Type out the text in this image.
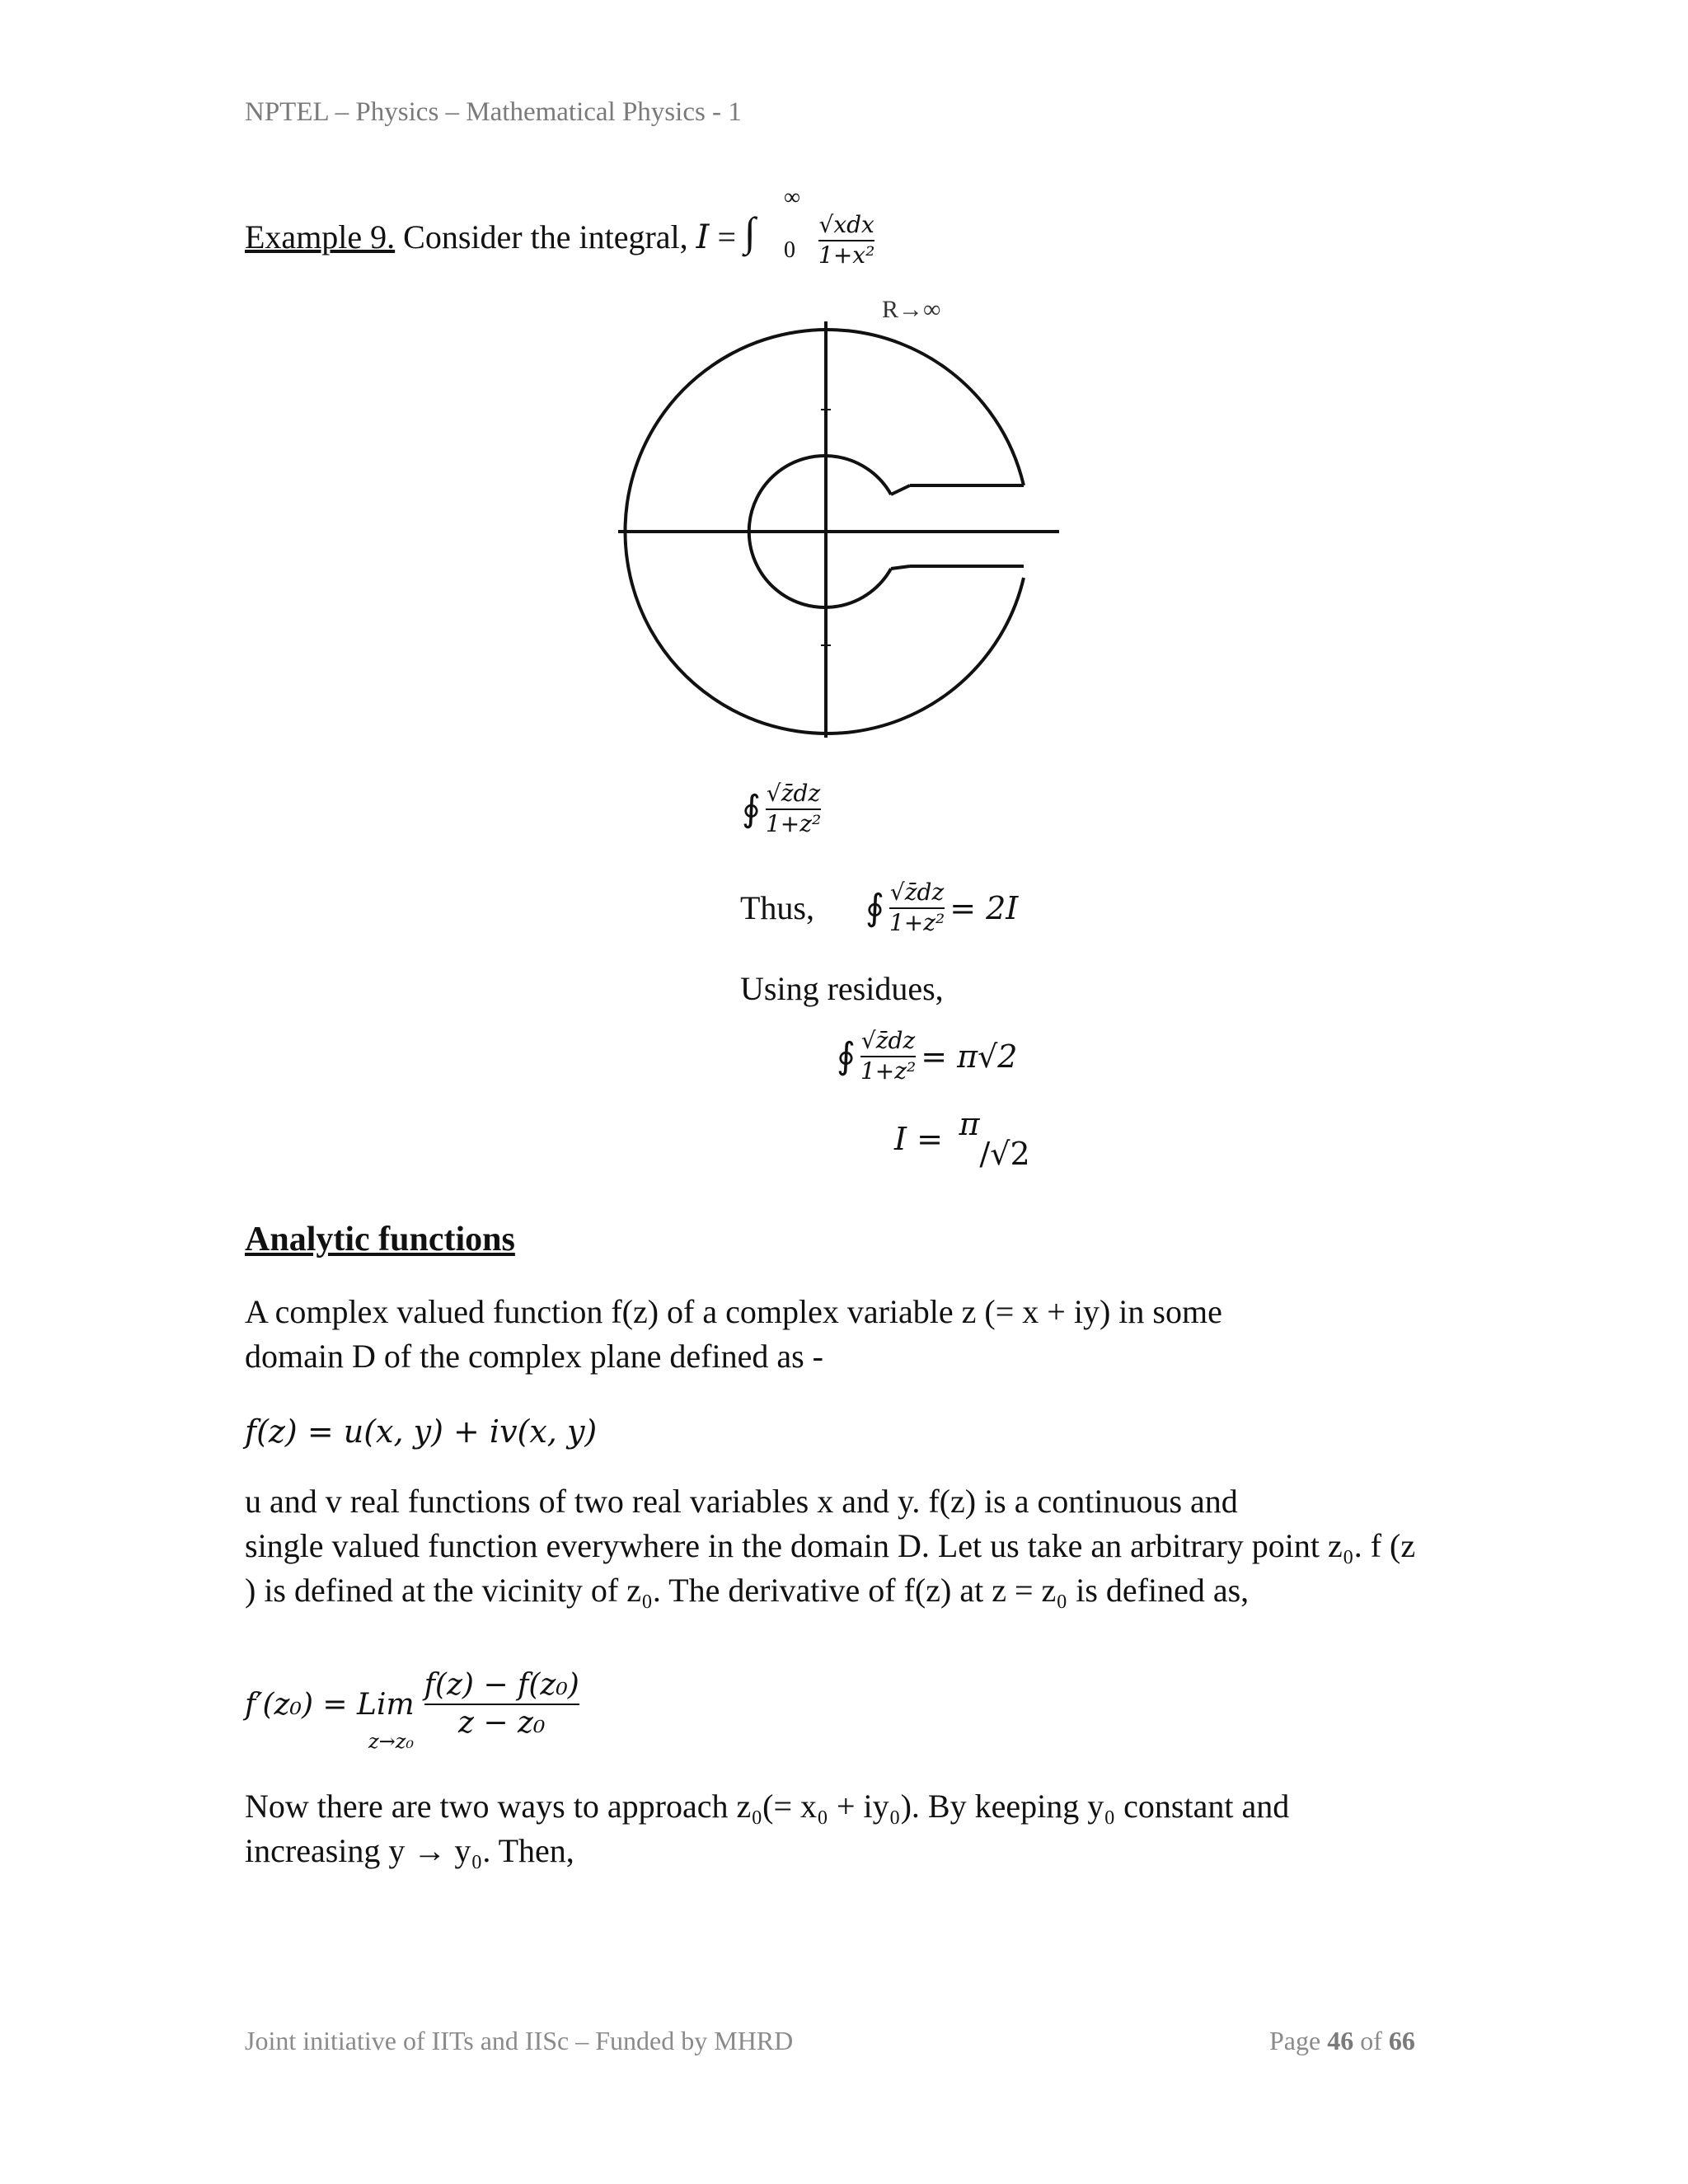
NPTEL – Physics – Mathematical Physics - 1
Example 9. Consider the integral, I = ∫
∞
0
$\frac{\text{√xdx}}{\text{1+x²}}$
R→∞
∮ $\frac{√z̄dz}{\text{1+z²}}$
Thus, ∮ $\frac{√z̄dz}{\text{1+z²}} = 2I$
Using residues,
∮ $\frac{√z̄dz}{\text{1+z²}} = \pi√2$
I = π/√2
Analytic functions
A complex valued function f(z) of a complex variable z (= x + iy) in some
domain D of the complex plane defined as -
f(z) = u(x, y) + iv(x, y)
u and v real functions of two real variables x and y. f(z) is a continuous and
single valued function everywhere in the domain D. Let us take an arbitrary point z₀. f (z
) is defined at the vicinity of z₀. The derivative of f(z) at z = z₀ is defined as,
f′(z₀) = Lim
z→z₀
$\frac{\text{f(z) − f(z₀)}}{\text{z − z₀}}$
Now there are two ways to approach z₀(= x₀ + iy₀). By keeping y₀ constant and
increasing y → y₀. Then,
Joint initiative of IITs and IISc – Funded by MHRD	Page 46 of 66
